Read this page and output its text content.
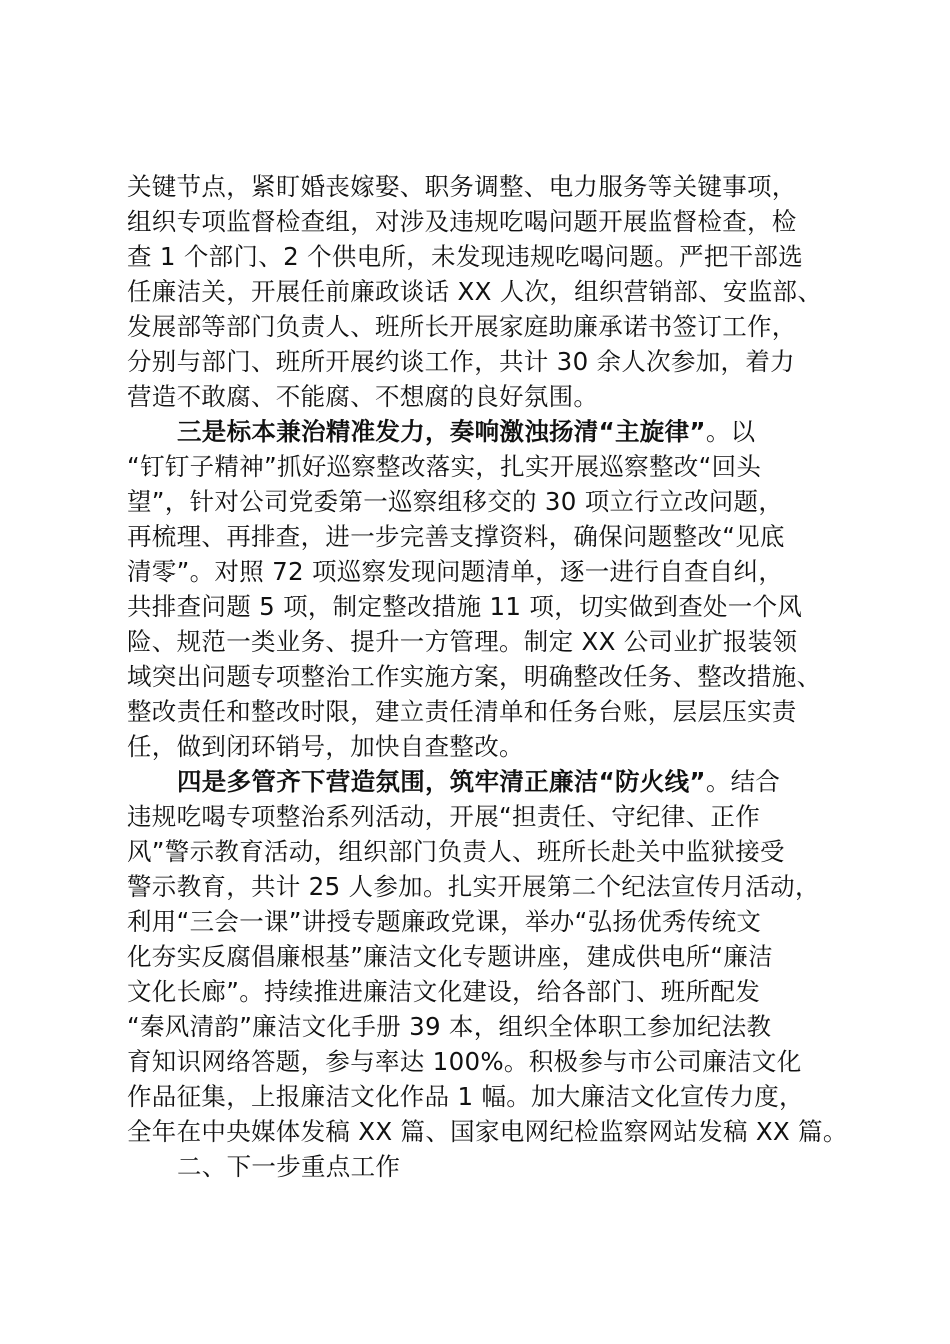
关键节点，紧盯婚丧嫁娶、职务调整、电力服务等关键事项，
组织专项监督检查组，对涉及违规吃喝问题开展监督检查，检
查 1 个部门、2 个供电所，未发现违规吃喝问题。严把干部选
任廉洁关，开展任前廉政谈话 XX 人次，组织营销部、安监部、
发展部等部门负责人、班所长开展家庭助廉承诺书签订工作，
分别与部门、班所开展约谈工作，共计 30 余人次参加，着力
营造不敢腐、不能腐、不想腐的良好氛围。
三是标本兼治精准发力，奏响激浊扬清“主旋律”。以
“钉钉子精神”抓好巡察整改落实，扎实开展巡察整改“回头
望”，针对公司党委第一巡察组移交的 30 项立行立改问题，
再梳理、再排查，进一步完善支撑资料，确保问题整改“见底
清零”。对照 72 项巡察发现问题清单，逐一进行自查自纠，
共排查问题 5 项，制定整改措施 11 项，切实做到查处一个风
险、规范一类业务、提升一方管理。制定 XX 公司业扩报装领
域突出问题专项整治工作实施方案，明确整改任务、整改措施、
整改责任和整改时限，建立责任清单和任务台账，层层压实责
任，做到闭环销号，加快自查整改。
四是多管齐下营造氛围，筑牢清正廉洁“防火线”。结合
违规吃喝专项整治系列活动，开展“担责任、守纪律、正作
风”警示教育活动，组织部门负责人、班所长赴关中监狱接受
警示教育，共计 25 人参加。扎实开展第二个纪法宣传月活动，
利用“三会一课”讲授专题廉政党课，举办“弘扬优秀传统文
化夯实反腐倡廉根基”廉洁文化专题讲座，建成供电所“廉洁
文化长廊”。持续推进廉洁文化建设，给各部门、班所配发
“秦风清韵”廉洁文化手册 39 本，组织全体职工参加纪法教
育知识网络答题，参与率达 100%。积极参与市公司廉洁文化
作品征集，上报廉洁文化作品 1 幅。加大廉洁文化宣传力度，
全年在中央媒体发稿 XX 篇、国家电网纪检监察网站发稿 XX 篇。
二、下一步重点工作
